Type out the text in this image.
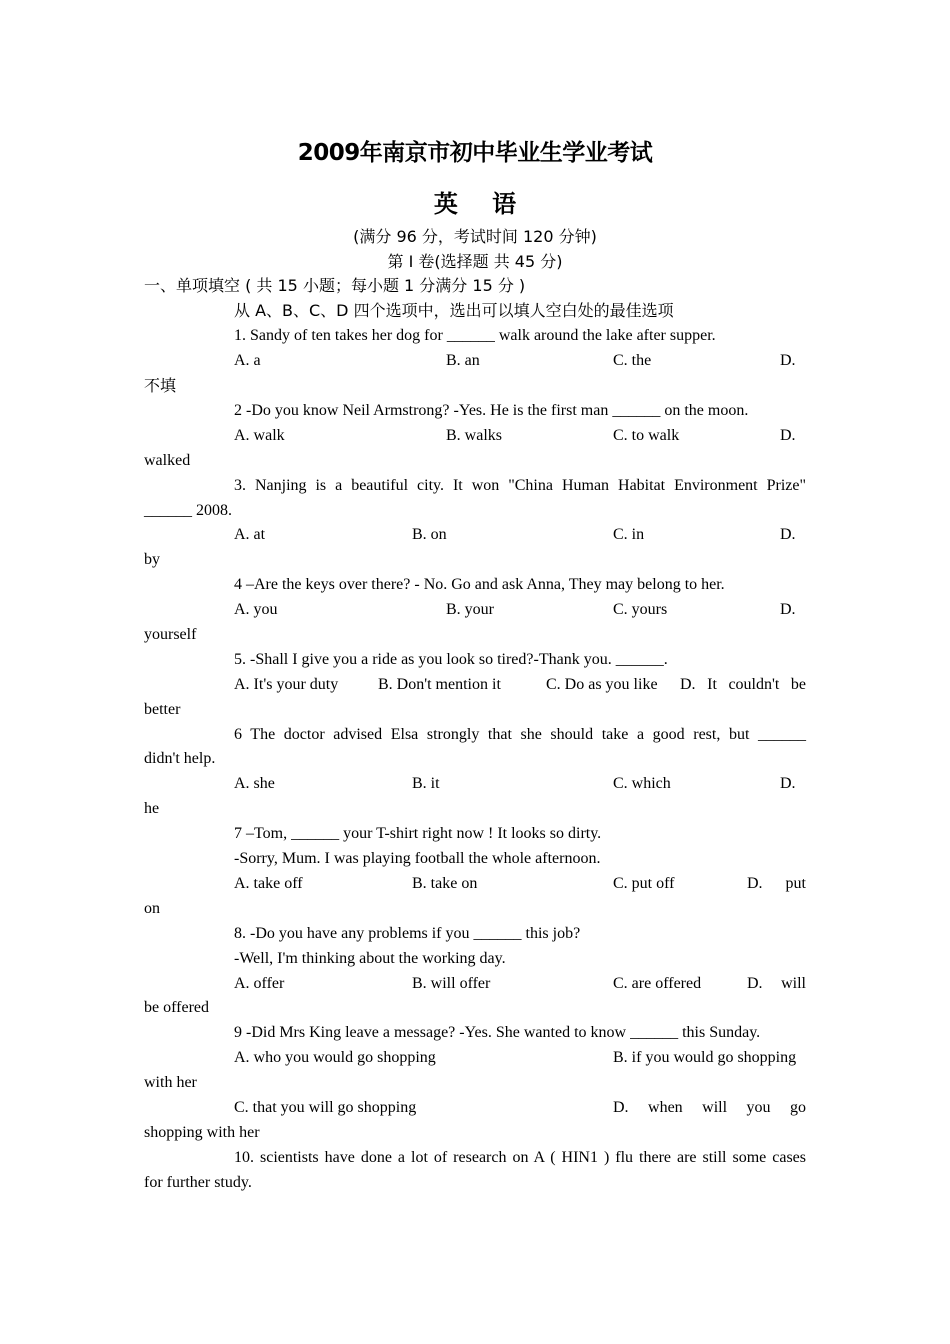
2009年南京市初中毕业生学业考试
英 语
(满分 96 分，考试时间 120 分钟)
第 I 卷(选择题 共 45 分)
一、单项填空 ( 共 15 小题；每小题 1 分满分 15 分 )
从 A、B、C、D 四个选项中，选出可以填人空白处的最佳选项
1. Sandy of ten takes her dog for ______ walk around the lake after supper.
A. a	B. an	C. the	D.
不填
2 -Do you know Neil Armstrong? -Yes. He is the first man ______ on the moon.
A. walk	B. walks	C. to walk	D.
walked
3. Nanjing is a beautiful city. It won "China Human Habitat Environment Prize"
______ 2008.
A. at	B. on	C. in	D.
by
4 –Are the keys over there? - No. Go and ask Anna, They may belong to her.
A. you	B. your	C. yours	D.
yourself
5. -Shall I give you a ride as you look so tired?-Thank you. ______.
A. It's your duty B. Don't mention it	C. Do as you like D. It couldn't be
better
6 The doctor advised Elsa strongly that she should take a good rest, but ______
didn't help.
A. she	B. it	C. which	D.
he
7 –Tom, ______ your T-shirt right now ! It looks so dirty.
-Sorry, Mum. I was playing football the whole afternoon.
A. take off	B. take on	C. put off	D. put
on
8. -Do you have any problems if you ______ this job?
-Well, I'm thinking about the working day.
A. offer	B. will offer	C. are offered	D. will
be offered
9 -Did Mrs King leave a message? -Yes. She wanted to know ______ this Sunday.
A. who you would go shopping	B. if you would go shopping
with her
C. that you will go shopping	D. when will you go
shopping with her
10. scientists have done a lot of research on A ( HIN1 ) flu there are still some cases
for further study.
